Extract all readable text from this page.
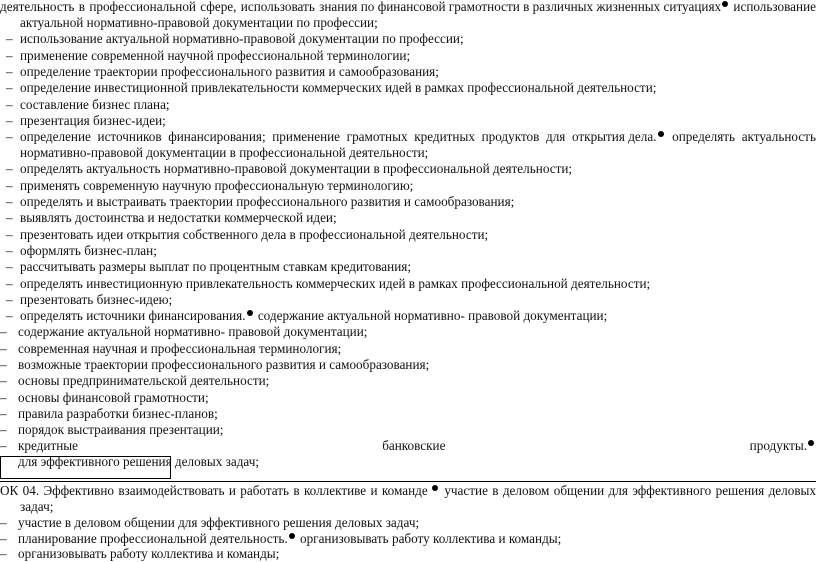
деятельность в профессиональной сфере, использовать знания по финансовой грамотности в различных жизненных ситуациях использование
актуальной нормативно-правовой документации по профессии;
– использование актуальной нормативно-правовой документации по профессии;
– применение современной научной профессиональной терминологии;
– определение траектории профессионального развития и самообразования;
– определение инвестиционной привлекательности коммерческих идей в рамках профессиональной деятельности;
– составление бизнес плана;
– презентация бизнес-идеи;
– определение источников финансирования; применение грамотных кредитных продуктов для открытия дела.	определять актуальность
нормативно-правовой документации в профессиональной деятельности;
– определять актуальность нормативно-правовой документации в профессиональной деятельности;
– применять современную научную профессиональную терминологию;
– определять и выстраивать траектории профессионального развития и самообразования;
– выявлять достоинства и недостатки коммерческой идеи;
– презентовать идеи открытия собственного дела в профессиональной деятельности;
– оформлять бизнес-план;
– рассчитывать размеры выплат по процентным ставкам кредитования;
– определять инвестиционную привлекательность коммерческих идей в рамках профессиональной деятельности;
– презентовать бизнес-идею;
– определять источники финансирования. содержание актуальной нормативно- правовой документации;
– содержание актуальной нормативно- правовой документации;
– современная научная и профессиональная терминология;
– возможные траектории профессионального развития и самообразования;
– основы предпринимательской деятельности;
– основы финансовой грамотности;
– правила разработки бизнес-планов;
– порядок выстраивания презентации;
– кредитные	банковские	продукты.
для эффективного решения деловых задач;
ОК 04. Эффективно взаимодействовать и работать в коллективе и команде	участие в деловом общении для эффективного решения деловых
задач;
– участие в деловом общении для эффективного решения деловых задач;
– планирование профессиональной деятельность. организовывать работу коллектива и команды;
– организовывать работу коллектива и команды;
